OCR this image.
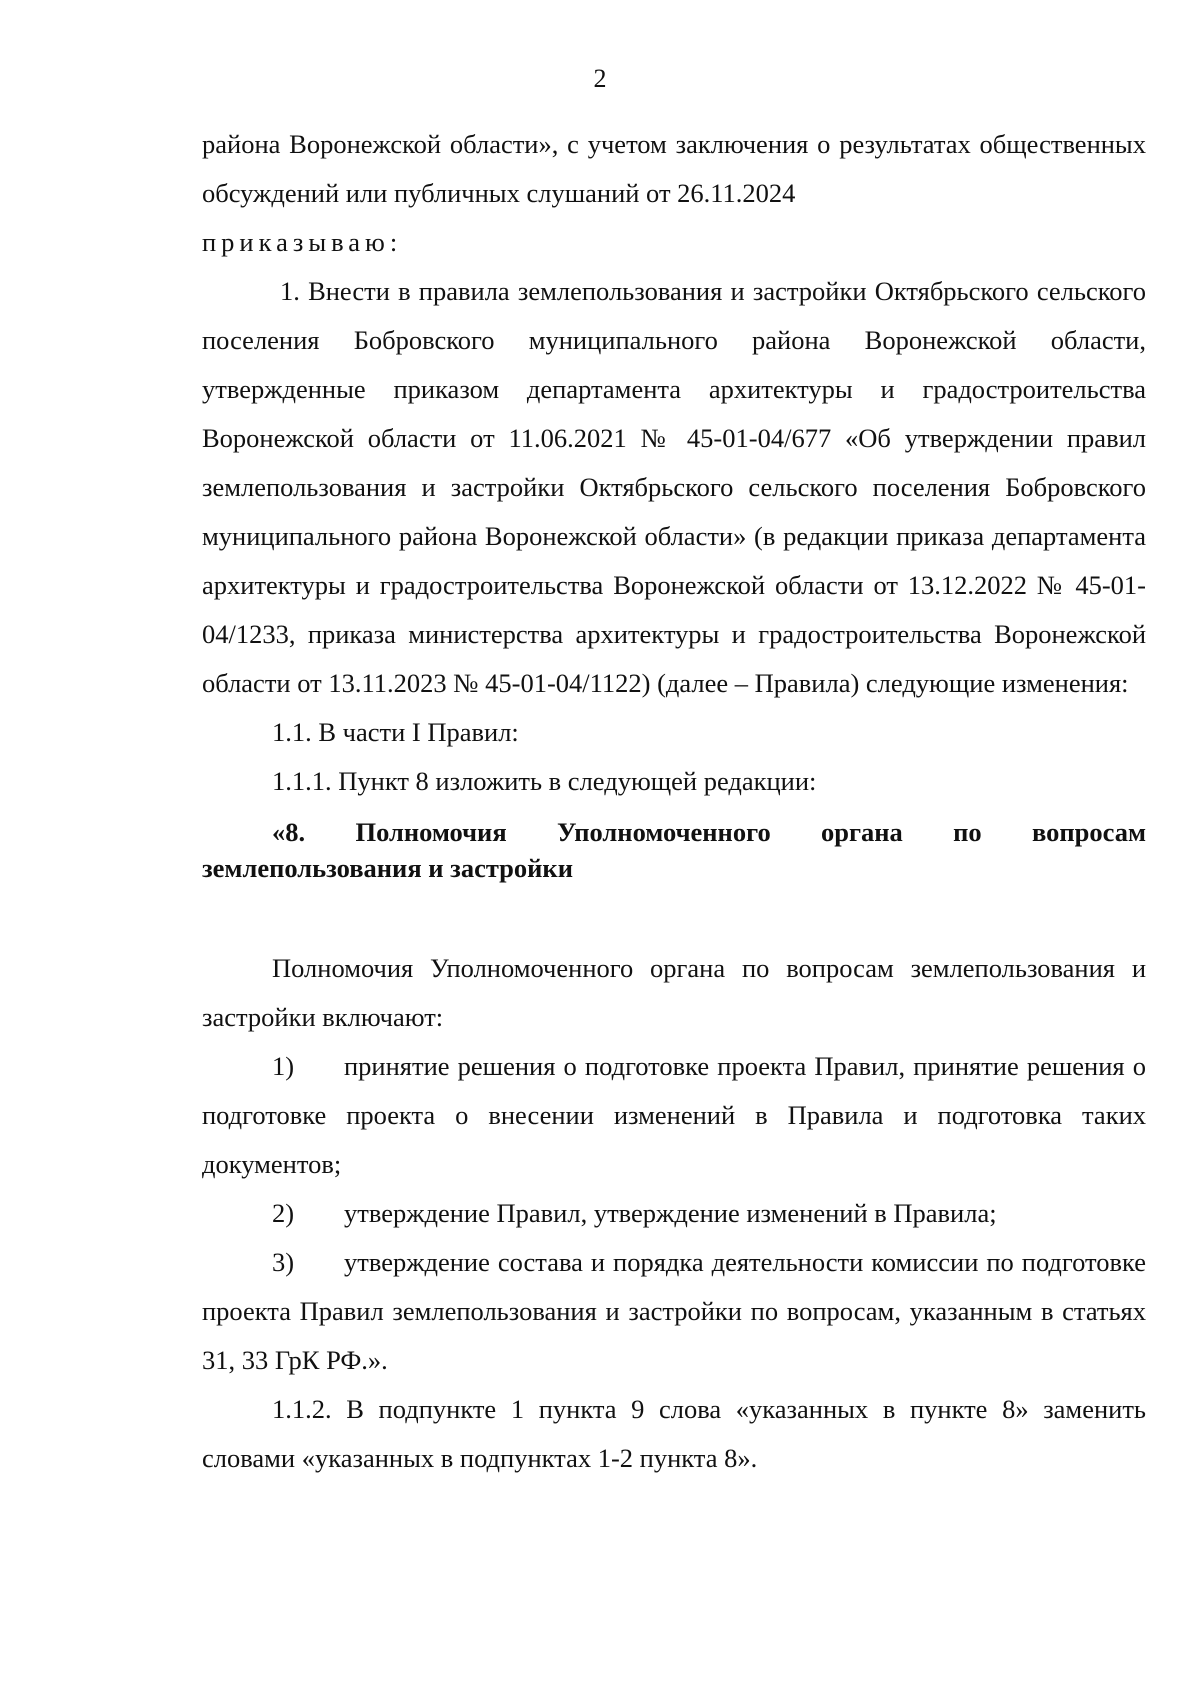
2

района Воронежской области», с учетом заключения о результатах общественных обсуждений или публичных слушаний от 26.11.2024

приказываю:

1. Внести в правила землепользования и застройки Октябрьского сельского поселения Бобровского муниципального района Воронежской области, утвержденные приказом департамента архитектуры и градостроительства Воронежской области от 11.06.2021 № 45-01-04/677 «Об утверждении правил землепользования и застройки Октябрьского сельского поселения Бобровского муниципального района Воронежской области» (в редакции приказа департамента архитектуры и градостроительства Воронежской области от 13.12.2022 № 45-01-04/1233, приказа министерства архитектуры и градостроительства Воронежской области от 13.11.2023 № 45-01-04/1122) (далее – Правила) следующие изменения:

1.1. В части I Правил:

1.1.1. Пункт 8 изложить в следующей редакции:

«8. Полномочия Уполномоченного органа по вопросам землепользования и застройки

Полномочия Уполномоченного органа по вопросам землепользования и застройки включают:

1) принятие решения о подготовке проекта Правил, принятие решения о подготовке проекта о внесении изменений в Правила и подготовка таких документов;

2) утверждение Правил, утверждение изменений в Правила;

3) утверждение состава и порядка деятельности комиссии по подготовке проекта Правил землепользования и застройки по вопросам, указанным в статьях 31, 33 ГрК РФ.».

1.1.2. В подпункте 1 пункта 9 слова «указанных в пункте 8» заменить словами «указанных в подпунктах 1-2 пункта 8».
